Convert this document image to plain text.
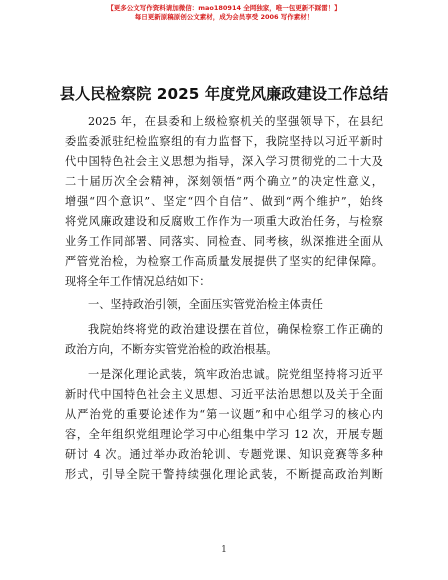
【更多公文写作资料请加微信：mao180914 全网独家，唯一包更新不踩雷！】
每日更新原稿原创公文素材，成为会员享受 2006 写作素材！
县人民检察院 2025 年度党风廉政建设工作总结
2025 年，在县委和上级检察机关的坚强领导下，在县纪
委监委派驻纪检监察组的有力监督下，我院坚持以习近平新时
代中国特色社会主义思想为指导，深入学习贯彻党的二十大及
二十届历次全会精神，深刻领悟“两个确立”的决定性意义，
增强“四个意识”、坚定“四个自信”、做到“两个维护”，始终
将党风廉政建设和反腐败工作作为一项重大政治任务，与检察
业务工作同部署、同落实、同检查、同考核，纵深推进全面从
严管党治检，为检察工作高质量发展提供了坚实的纪律保障。
现将全年工作情况总结如下：
一、坚持政治引领，全面压实管党治检主体责任
我院始终将党的政治建设摆在首位，确保检察工作正确的
政治方向，不断夯实管党治检的政治根基。
一是深化理论武装，筑牢政治忠诚。院党组坚持将习近平
新时代中国特色社会主义思想、习近平法治思想以及关于全面
从严治党的重要论述作为“第一议题”和中心组学习的核心内
容，全年组织党组理论学习中心组集中学习 12 次，开展专题
研讨 4 次。通过举办政治轮训、专题党课、知识竞赛等多种
形式，引导全院干警持续强化理论武装，不断提高政治判断
1
